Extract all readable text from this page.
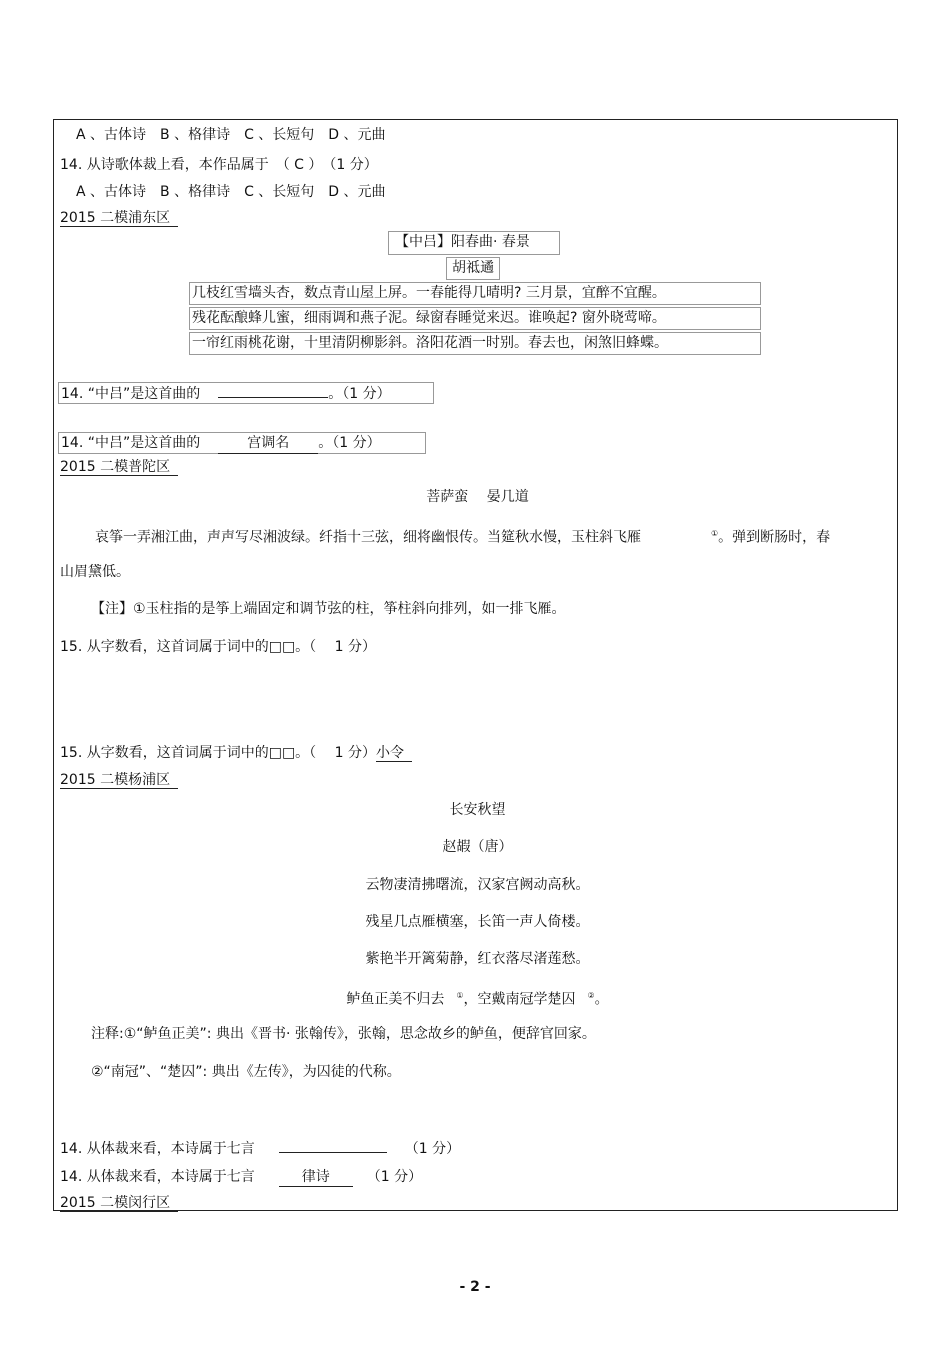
A 、古体诗　B 、格律诗　C 、长短句　D 、元曲
14. 从诗歌体裁上看，本作品属于　（ C ）　（1 分）
A 、古体诗　B 、格律诗　C 、长短句　D 、元曲
2015 二模浦东区
【中吕】阳春曲· 春景
胡祗遹
几枝红雪墙头杏，数点青山屋上屏。一春能得几晴明? 三月景，宜醉不宜醒。
残花酝酿蜂儿蜜，细雨调和燕子泥。绿窗春睡觉来迟。谁唤起? 窗外晓莺啼。
一帘红雨桃花谢，十里清阴柳影斜。洛阳花酒一时别。春去也，闲煞旧蜂蝶。
14. “中吕”是这首曲的	。（1 分）
14. “中吕”是这首曲的	宫调名 。（1 分）
2015 二模普陀区
菩萨蛮　 晏几道
哀筝一弄湘江曲，声声写尽湘波绿。纤指十三弦，细将幽恨传。当筵秋水慢，玉柱斜飞雁	①。弹到断肠时，春
山眉黛低。
【注】①玉柱指的是筝上端固定和调节弦的柱，筝柱斜向排列，如一排飞雁。
15. 从字数看，这首词属于词中的□□。（　 1 分）
15. 从字数看，这首词属于词中的□□。（　 1 分）小令
2015 二模杨浦区
长安秋望
赵嘏（唐）
云物凄清拂曙流，汉家宫阙动高秋。
残星几点雁横塞，长笛一声人倚楼。
紫艳半开篱菊静，红衣落尽渚莲愁。
鲈鱼正美不归去 ①，空戴南冠学楚囚 ②。
注释:①“鲈鱼正美”: 典出《晋书· 张翰传》，张翰，思念故乡的鲈鱼，便辞官回家。
②“南冠”、“楚囚”: 典出《左传》，为囚徒的代称。
14. 从体裁来看，本诗属于七言	（1 分）
14. 从体裁来看，本诗属于七言	律诗	（1 分）
2015 二模闵行区
- 2 -
